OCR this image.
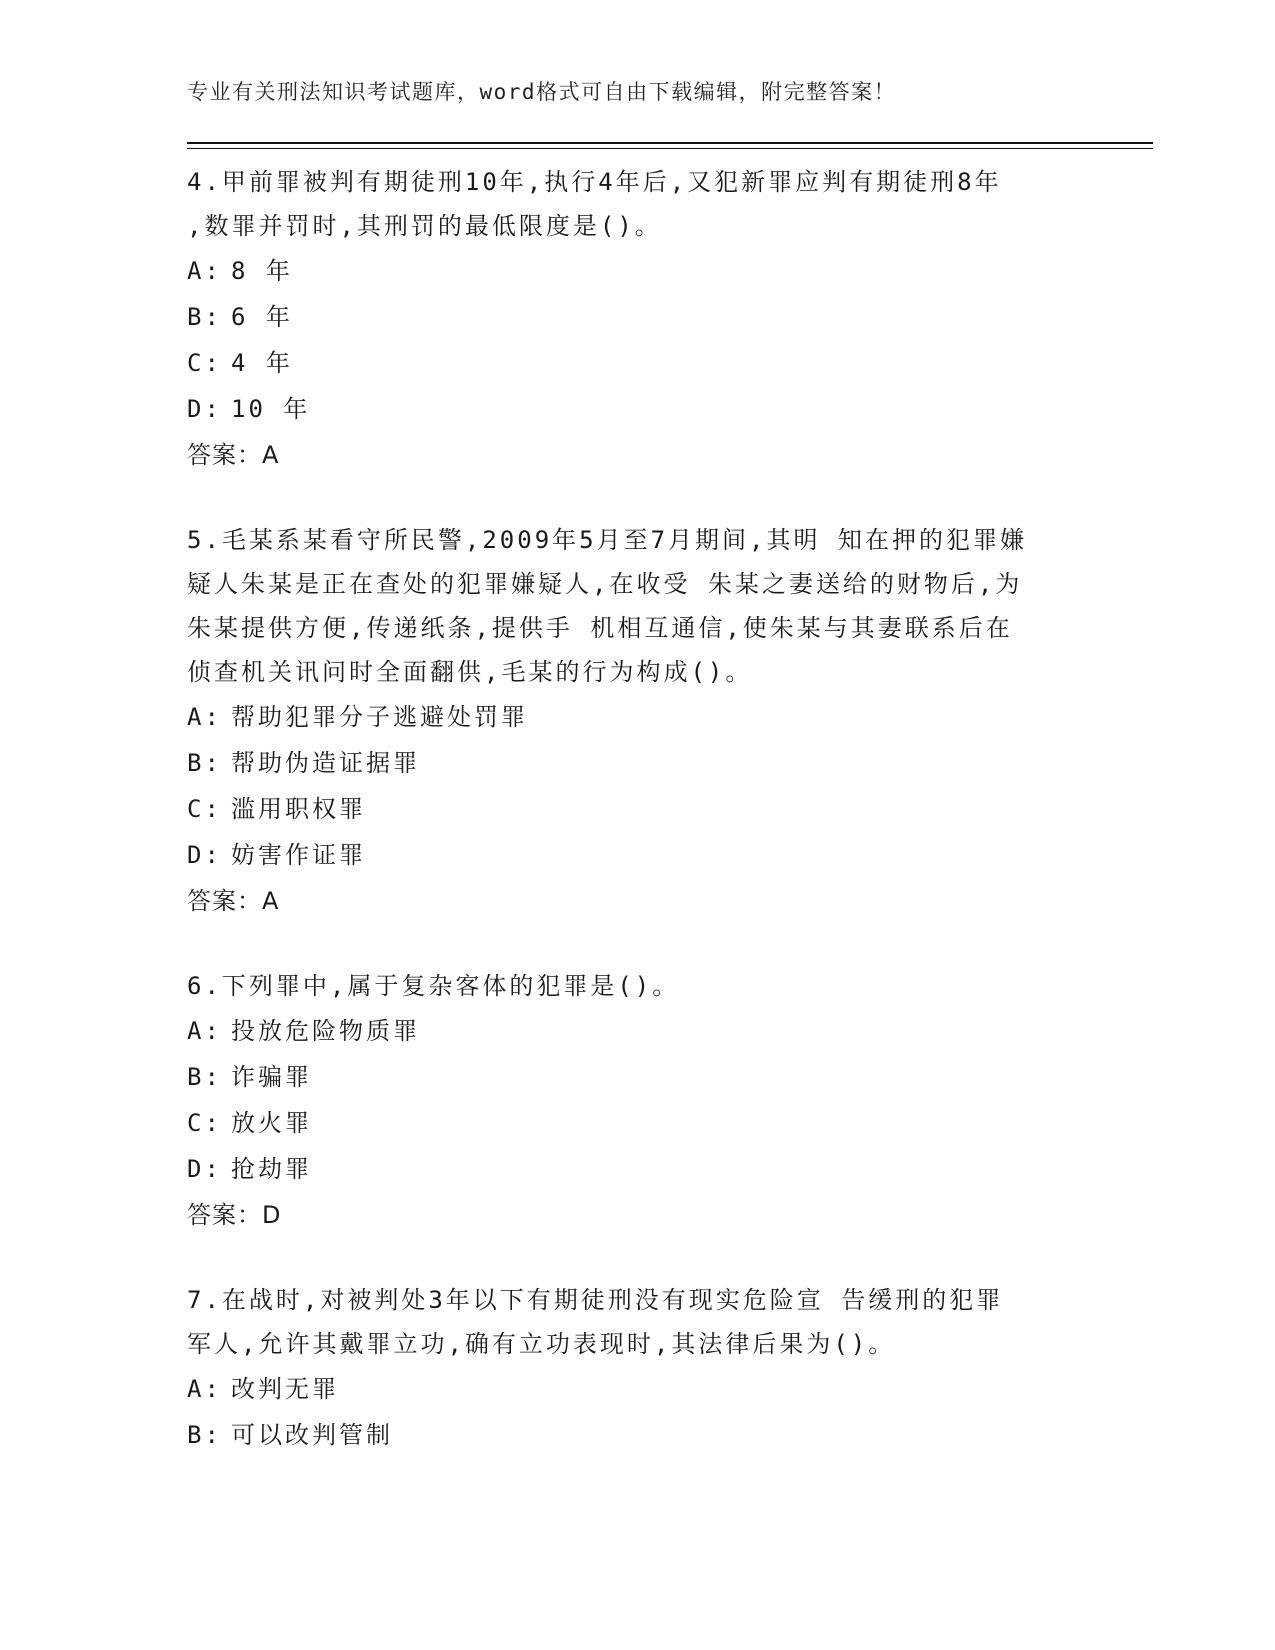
专业有关刑法知识考试题库，word格式可自由下载编辑，附完整答案！

4.甲前罪被判有期徒刑10年,执行4年后,又犯新罪应判有期徒刑8年

,数罪并罚时,其刑罚的最低限度是()。

A: 8 年
B: 6 年
C: 4 年
D: 10 年

答案：A

5.毛某系某看守所民警,2009年5月至7月期间,其明 知在押的犯罪嫌

疑人朱某是正在查处的犯罪嫌疑人,在收受 朱某之妻送给的财物后,为

朱某提供方便,传递纸条,提供手 机相互通信,使朱某与其妻联系后在

侦查机关讯问时全面翻供,毛某的行为构成()。

A: 帮助犯罪分子逃避处罚罪
B: 帮助伪造证据罪
C: 滥用职权罪
D: 妨害作证罪

答案：A

6.下列罪中,属于复杂客体的犯罪是()。

A: 投放危险物质罪
B: 诈骗罪
C: 放火罪
D: 抢劫罪

答案：D

7.在战时,对被判处3年以下有期徒刑没有现实危险宣 告缓刑的犯罪

军人,允许其戴罪立功,确有立功表现时,其法律后果为()。

A: 改判无罪
B: 可以改判管制
